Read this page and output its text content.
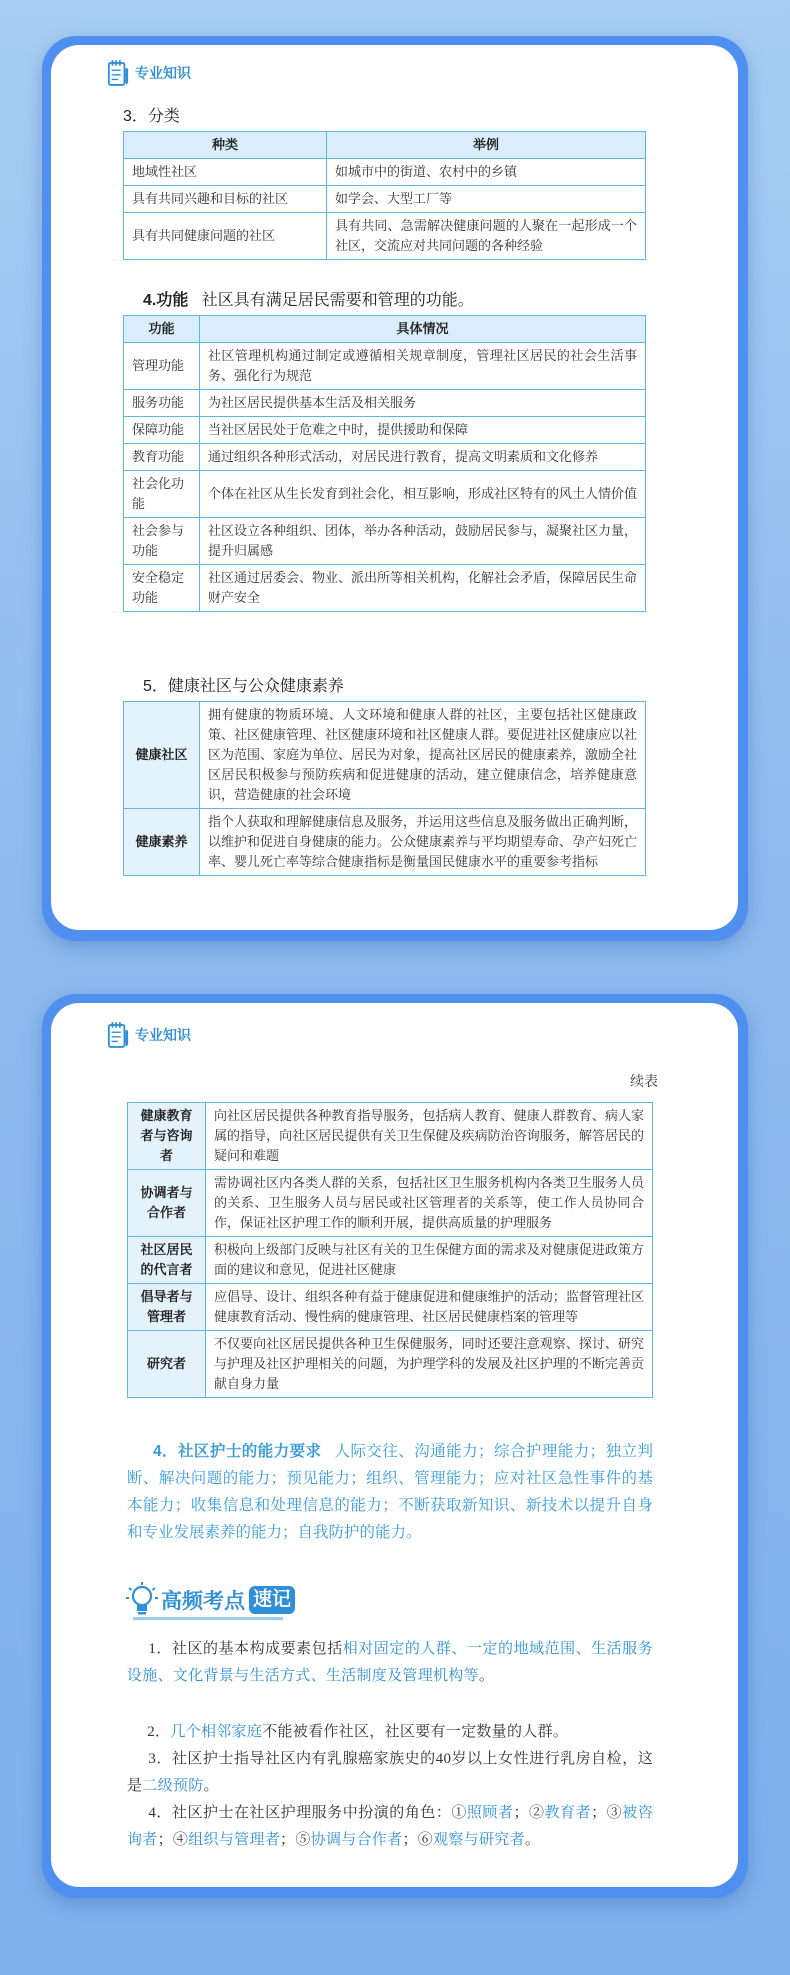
专业知识
3．分类
种类	举例
地域性社区	如城市中的街道、农村中的乡镇
具有共同兴趣和目标的社区	如学会、大型工厂等
具有共同健康问题的社区	具有共同、急需解决健康问题的人聚在一起形成一个社区，交流应对共同问题的各种经验
4.功能 社区具有满足居民需要和管理的功能。
功能	具体情况
管理功能	社区管理机构通过制定或遵循相关规章制度，管理社区居民的社会生活事务、强化行为规范
服务功能	为社区居民提供基本生活及相关服务
保障功能	当社区居民处于危难之中时，提供援助和保障
教育功能	通过组织各种形式活动，对居民进行教育，提高文明素质和文化修养
社会化功能	个体在社区从生长发育到社会化，相互影响，形成社区特有的风土人情价值
社会参与功能	社区设立各种组织、团体，举办各种活动，鼓励居民参与，凝聚社区力量，提升归属感
安全稳定功能	社区通过居委会、物业、派出所等相关机构，化解社会矛盾，保障居民生命财产安全
5．健康社区与公众健康素养
健康社区	拥有健康的物质环境、人文环境和健康人群的社区，主要包括社区健康政策、社区健康管理、社区健康环境和社区健康人群。要促进社区健康应以社区为范围、家庭为单位、居民为对象，提高社区居民的健康素养，激励全社区居民积极参与预防疾病和促进健康的活动，建立健康信念，培养健康意识，营造健康的社会环境
健康素养	指个人获取和理解健康信息及服务，并运用这些信息及服务做出正确判断，以维护和促进自身健康的能力。公众健康素养与平均期望寿命、孕产妇死亡率、婴儿死亡率等综合健康指标是衡量国民健康水平的重要参考指标
专业知识
续表
健康教育者与咨询者	向社区居民提供各种教育指导服务，包括病人教育、健康人群教育、病人家属的指导，向社区居民提供有关卫生保健及疾病防治咨询服务，解答居民的疑问和难题
协调者与合作者	需协调社区内各类人群的关系，包括社区卫生服务机构内各类卫生服务人员的关系、卫生服务人员与居民或社区管理者的关系等，使工作人员协同合作，保证社区护理工作的顺利开展，提供高质量的护理服务
社区居民的代言者	积极向上级部门反映与社区有关的卫生保健方面的需求及对健康促进政策方面的建议和意见，促进社区健康
倡导者与管理者	应倡导、设计、组织各种有益于健康促进和健康维护的活动；监督管理社区健康教育活动、慢性病的健康管理、社区居民健康档案的管理等
研究者	不仅要向社区居民提供各种卫生保健服务，同时还要注意观察、探讨、研究与护理及社区护理相关的问题，为护理学科的发展及社区护理的不断完善贡献自身力量
4．社区护士的能力要求 人际交往、沟通能力；综合护理能力；独立判断、解决问题的能力；预见能力；组织、管理能力；应对社区急性事件的基本能力；收集信息和处理信息的能力；不断获取新知识、新技术以提升自身和专业发展素养的能力；自我防护的能力。
高频考点 速记
1．社区的基本构成要素包括相对固定的人群、一定的地域范围、生活服务设施、文化背景与生活方式、生活制度及管理机构等。
2．几个相邻家庭不能被看作社区，社区要有一定数量的人群。
3．社区护士指导社区内有乳腺癌家族史的40岁以上女性进行乳房自检，这是二级预防。
4．社区护士在社区护理服务中扮演的角色：①照顾者；②教育者；③被咨询者；④组织与管理者；⑤协调与合作者；⑥观察与研究者。
